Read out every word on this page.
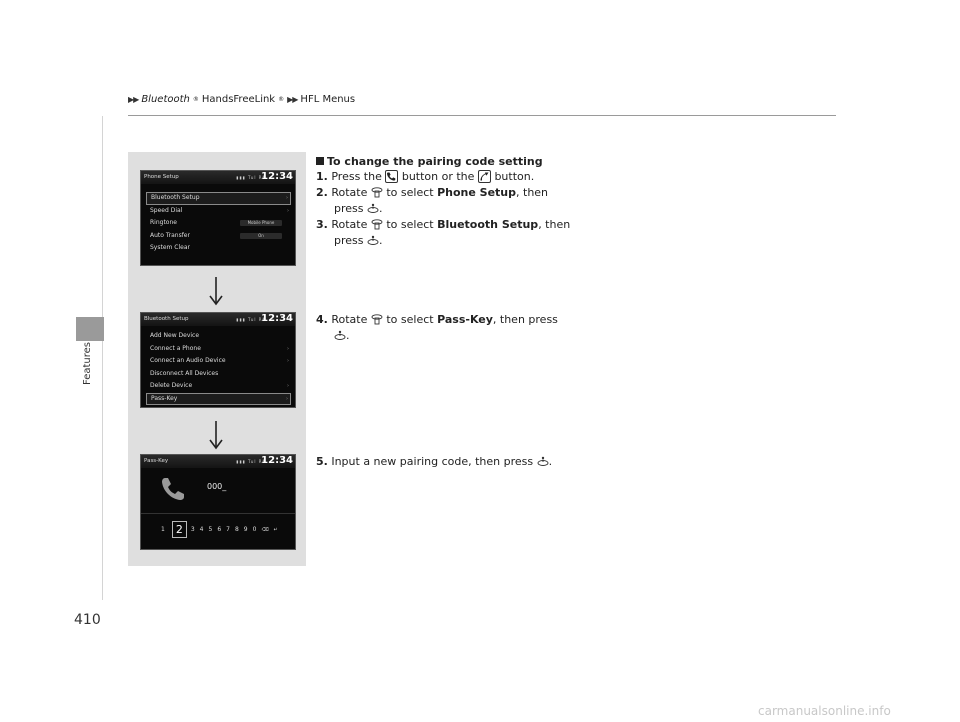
▶▶ Bluetooth ® HandsFreeLink ® ▶▶ HFL Menus
Features
410
Phone Setup	▮▮▮ Tul RM
12:34
Bluetooth Setup	›
Speed Dial	›
Ringtone	Mobile Phone
Auto Transfer	On
System Clear
Bluetooth Setup	▮▮▮ Tul RM
12:34
Add New Device
Connect a Phone	›
Connect an Audio Device	›
Disconnect All Devices
Delete Device	›
Pass-Key	›
Pass-Key	▮▮▮ Tul RM
12:34
000_
1	2	3 4 5 6 7 8 9 0 ⌫ ↵
To change the pairing code setting
1. Press the button or the button.
2. Rotate to select Phone Setup, then
press .
3. Rotate to select Bluetooth Setup, then
press .
4. Rotate to select Pass-Key, then press
.
5. Input a new pairing code, then press .
carmanualsonline.info
